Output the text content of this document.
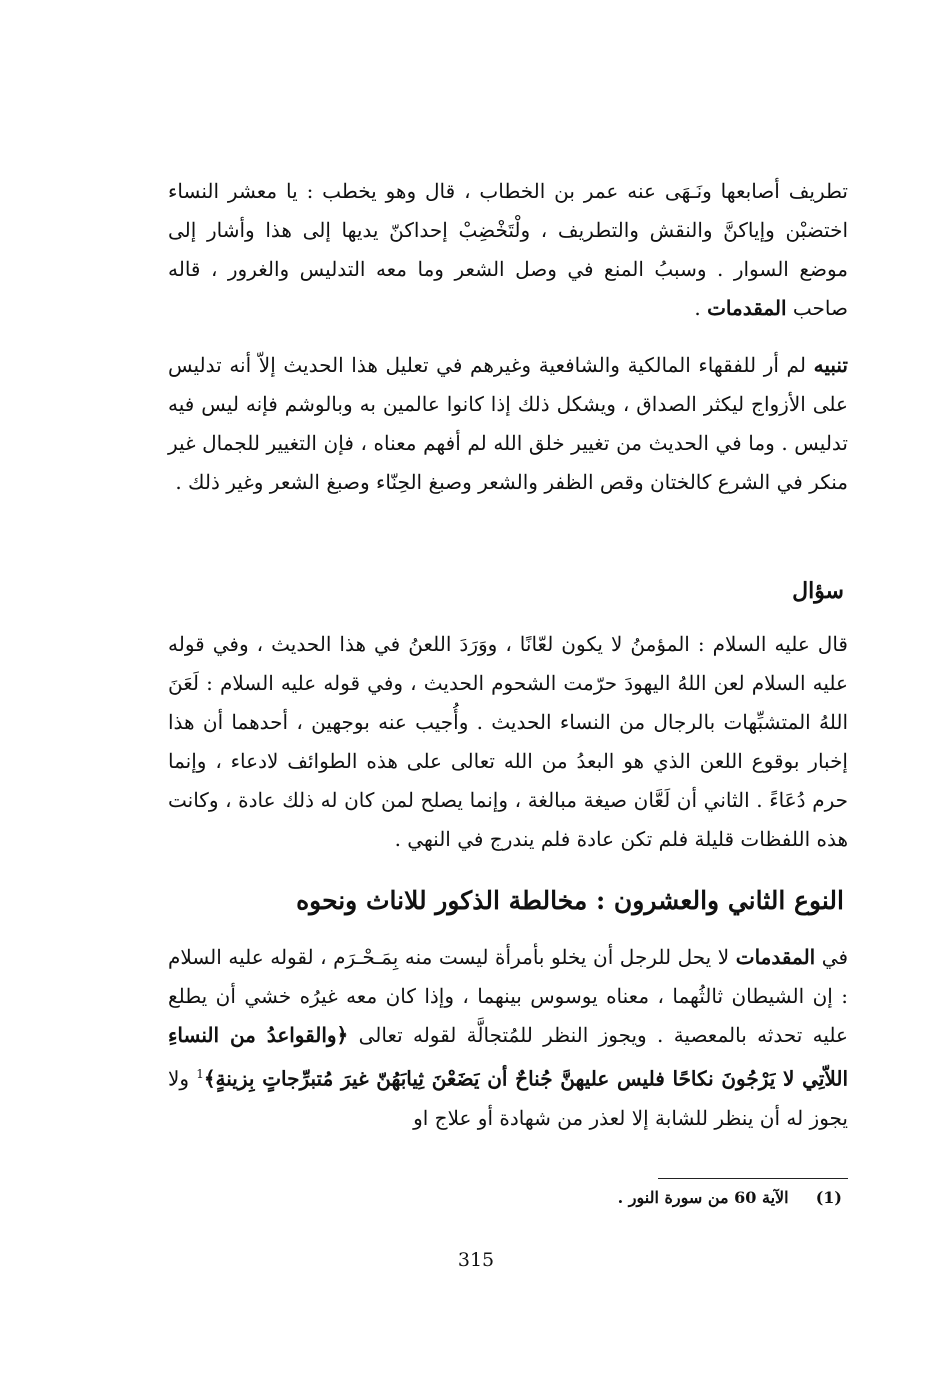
تطريف أصابعها ونَـهَى عنه عمر بن الخطاب ، قال وهو يخطب : يا معشر النساء اختضبْن وإياكنَّ والنقش والتطريف ، ولْتَخْضِبْ إحداكنّ يديها إلى هذا وأشار إلى موضع السوار . وسببُ المنع في وصل الشعر وما معه التدليس والغرور ، قاله صاحب المقدمات .

تنبيه لم أر للفقهاء المالكية والشافعية وغيرهم في تعليل هذا الحديث إلاّ أنه تدليس على الأزواج ليكثر الصداق ، ويشكل ذلك إذا كانوا عالمين به وبالوشم فإنه ليس فيه تدليس . وما في الحديث من تغيير خلق الله لم أفهم معناه ، فإن التغيير للجمال غير منكر في الشرع كالختان وقص الظفر والشعر وصبغ الحِنّاء وصبغ الشعر وغير ذلك .

سؤال

قال عليه السلام : المؤمنُ لا يكون لعّانًا ، ووَرَدَ اللعنُ في هذا الحديث ، وفي قوله عليه السلام لعن اللهُ اليهودَ حرّمت الشحوم الحديث ، وفي قوله عليه السلام : لَعَنَ اللهُ المتشبِّهات بالرجال من النساء الحديث . وأُجيب عنه بوجهين ، أحدهما أن هذا إخبار بوقوع اللعن الذي هو البعدُ من الله تعالى على هذه الطوائف لادعاء ، وإنما حرم دُعَاءً . الثاني أن لَعَّان صيغة مبالغة ، وإنما يصلح لمن كان له ذلك عادة ، وكانت هذه اللفظات قليلة فلم تكن عادة فلم يندرج في النهي .

النوع الثاني والعشرون : مخالطة الذكور للاناث ونحوه

في المقدمات لا يحل للرجل أن يخلو بأمرأة ليست منه بِمَـحْـرَم ، لقوله عليه السلام : إن الشيطان ثالثُهما ، معناه يوسوس بينهما ، وإذا كان معه غيرُه خشي أن يطلع عليه تحدثه بالمعصية . ويجوز النظر للمُتجالَّة لقوله تعالى ﴿والقواعدُ من النساءِ اللاّتِي لا يَرْجُونَ نكاحًا فليس عليهنَّ جُناحٌ أن يَضَعْنَ ثِيابَهُنّ غيرَ مُتبرِّجاتٍ بِزينةٍ﴾$^1$ ولا يجوز له أن ينظر للشابة إلا لعذر من شهادة أو علاج او

(1) الآية 60 من سورة النور .
315
